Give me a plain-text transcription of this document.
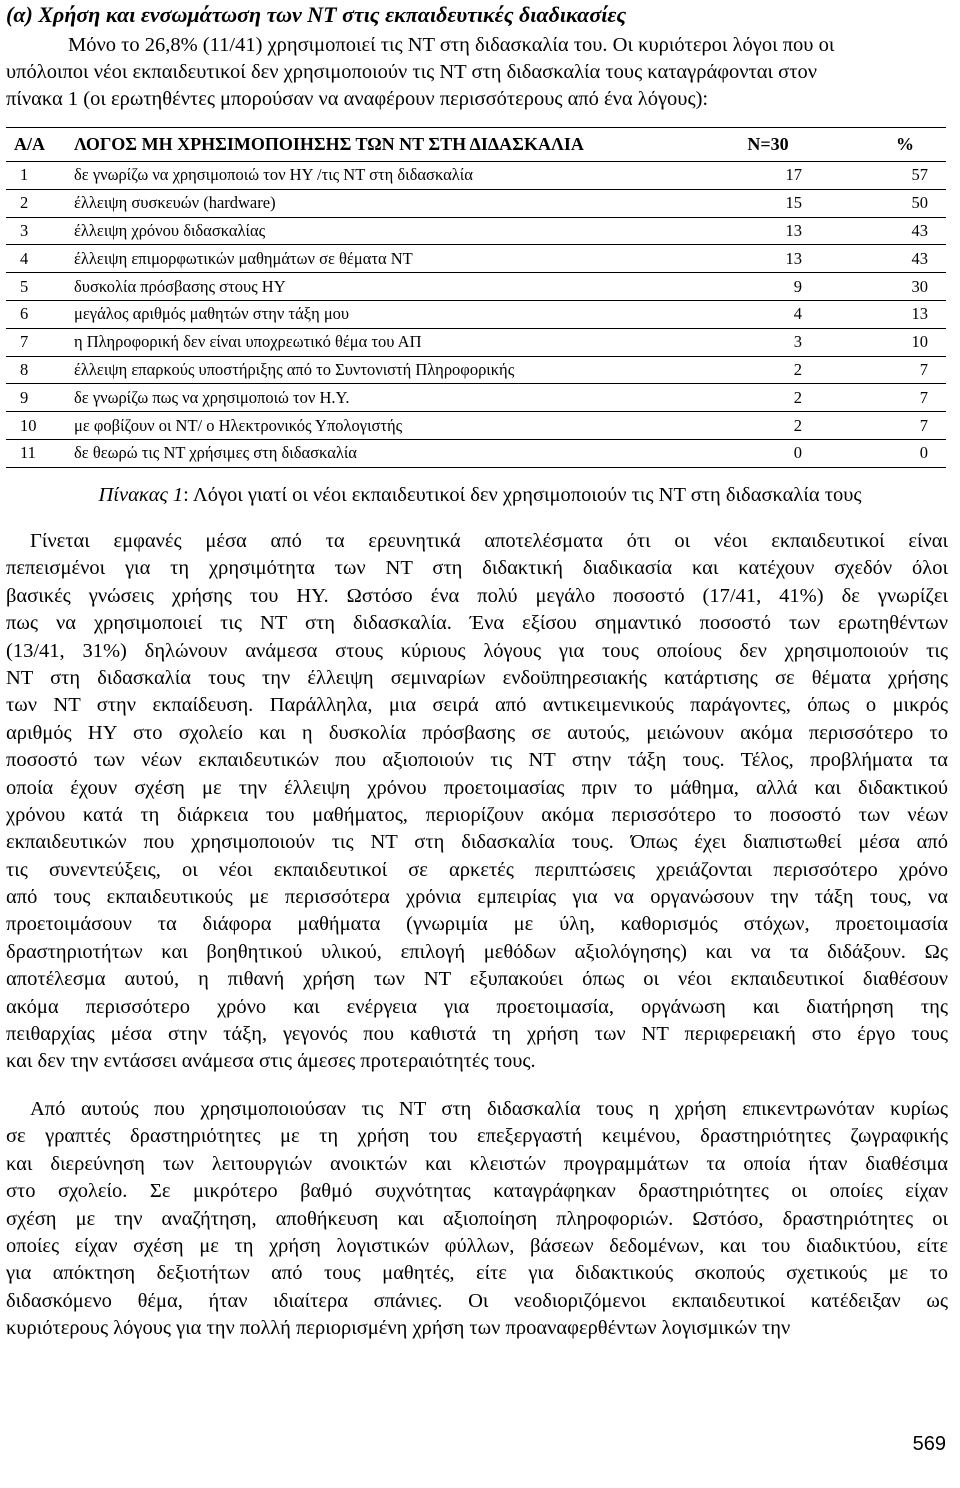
(α) Χρήση και ενσωμάτωση των ΝΤ στις εκπαιδευτικές διαδικασίες
Μόνο το 26,8% (11/41) χρησιμοποιεί τις ΝΤ στη διδασκαλία του. Οι κυριότεροι λόγοι που οι
υπόλοιποι νέοι εκπαιδευτικοί δεν χρησιμοποιούν τις ΝΤ στη διδασκαλία τους καταγράφονται στον
πίνακα 1 (οι ερωτηθέντες μπορούσαν να αναφέρουν περισσότερους από ένα λόγους):
Α/Α	ΛΟΓΟΣ ΜΗ ΧΡΗΣΙΜΟΠΟΙΗΣΗΣ ΤΩΝ ΝΤ ΣΤΗ ΔΙΔΑΣΚΑΛΙΑ	Ν=30	%
1	δε γνωρίζω να χρησιμοποιώ τον ΗΥ /τις ΝΤ στη διδασκαλία	17	57
2	έλλειψη συσκευών (hardware)	15	50
3	έλλειψη χρόνου διδασκαλίας	13	43
4	έλλειψη επιμορφωτικών μαθημάτων σε θέματα ΝΤ	13	43
5	δυσκολία πρόσβασης στους ΗΥ	9	30
6	μεγάλος αριθμός μαθητών στην τάξη μου	4	13
7	η Πληροφορική δεν είναι υποχρεωτικό θέμα του ΑΠ	3	10
8	έλλειψη επαρκούς υποστήριξης από το Συντονιστή Πληροφορικής	2	7
9	δε γνωρίζω πως να χρησιμοποιώ τον Η.Υ.	2	7
10	με φοβίζουν οι ΝΤ/ ο Ηλεκτρονικός Υπολογιστής	2	7
11	δε θεωρώ τις ΝΤ χρήσιμες στη διδασκαλία	0	0
Πίνακας 1: Λόγοι γιατί οι νέοι εκπαιδευτικοί δεν χρησιμοποιούν τις ΝΤ στη διδασκαλία τους
Γίνεται εμφανές μέσα από τα ερευνητικά αποτελέσματα ότι οι νέοι εκπαιδευτικοί είναι
πεπεισμένοι για τη χρησιμότητα των ΝΤ στη διδακτική διαδικασία και κατέχουν σχεδόν όλοι
βασικές γνώσεις χρήσης του ΗΥ. Ωστόσο ένα πολύ μεγάλο ποσοστό (17/41, 41%) δε γνωρίζει
πως να χρησιμοποιεί τις ΝΤ στη διδασκαλία. Ένα εξίσου σημαντικό ποσοστό των ερωτηθέντων
(13/41, 31%) δηλώνουν ανάμεσα στους κύριους λόγους για τους οποίους δεν χρησιμοποιούν τις
ΝΤ στη διδασκαλία τους την έλλειψη σεμιναρίων ενδοϋπηρεσιακής κατάρτισης σε θέματα χρήσης
των ΝΤ στην εκπαίδευση. Παράλληλα, μια σειρά από αντικειμενικούς παράγοντες, όπως ο μικρός
αριθμός ΗΥ στο σχολείο και η δυσκολία πρόσβασης σε αυτούς, μειώνουν ακόμα περισσότερο το
ποσοστό των νέων εκπαιδευτικών που αξιοποιούν τις ΝΤ στην τάξη τους. Τέλος, προβλήματα τα
οποία έχουν σχέση με την έλλειψη χρόνου προετοιμασίας πριν το μάθημα, αλλά και διδακτικού
χρόνου κατά τη διάρκεια του μαθήματος, περιορίζουν ακόμα περισσότερο το ποσοστό των νέων
εκπαιδευτικών που χρησιμοποιούν τις ΝΤ στη διδασκαλία τους. Όπως έχει διαπιστωθεί μέσα από
τις συνεντεύξεις, οι νέοι εκπαιδευτικοί σε αρκετές περιπτώσεις χρειάζονται περισσότερο χρόνο
από τους εκπαιδευτικούς με περισσότερα χρόνια εμπειρίας για να οργανώσουν την τάξη τους, να
προετοιμάσουν τα διάφορα μαθήματα (γνωριμία με ύλη, καθορισμός στόχων, προετοιμασία
δραστηριοτήτων και βοηθητικού υλικού, επιλογή μεθόδων αξιολόγησης) και να τα διδάξουν. Ως
αποτέλεσμα αυτού, η πιθανή χρήση των ΝΤ εξυπακούει όπως οι νέοι εκπαιδευτικοί διαθέσουν
ακόμα περισσότερο χρόνο και ενέργεια για προετοιμασία, οργάνωση και διατήρηση της
πειθαρχίας μέσα στην τάξη, γεγονός που καθιστά τη χρήση των ΝΤ περιφερειακή στο έργο τους
και δεν την εντάσσει ανάμεσα στις άμεσες προτεραιότητές τους.
Από αυτούς που χρησιμοποιούσαν τις ΝΤ στη διδασκαλία τους η χρήση επικεντρωνόταν κυρίως
σε γραπτές δραστηριότητες με τη χρήση του επεξεργαστή κειμένου, δραστηριότητες ζωγραφικής
και διερεύνηση των λειτουργιών ανοικτών και κλειστών προγραμμάτων τα οποία ήταν διαθέσιμα
στο σχολείο. Σε μικρότερο βαθμό συχνότητας καταγράφηκαν δραστηριότητες οι οποίες είχαν
σχέση με την αναζήτηση, αποθήκευση και αξιοποίηση πληροφοριών. Ωστόσο, δραστηριότητες οι
οποίες είχαν σχέση με τη χρήση λογιστικών φύλλων, βάσεων δεδομένων, και του διαδικτύου, είτε
για απόκτηση δεξιοτήτων από τους μαθητές, είτε για διδακτικούς σκοπούς σχετικούς με το
διδασκόμενο θέμα, ήταν ιδιαίτερα σπάνιες. Οι νεοδιοριζόμενοι εκπαιδευτικοί κατέδειξαν ως
κυριότερους λόγους για την πολλή περιορισμένη χρήση των προαναφερθέντων λογισμικών την
569
